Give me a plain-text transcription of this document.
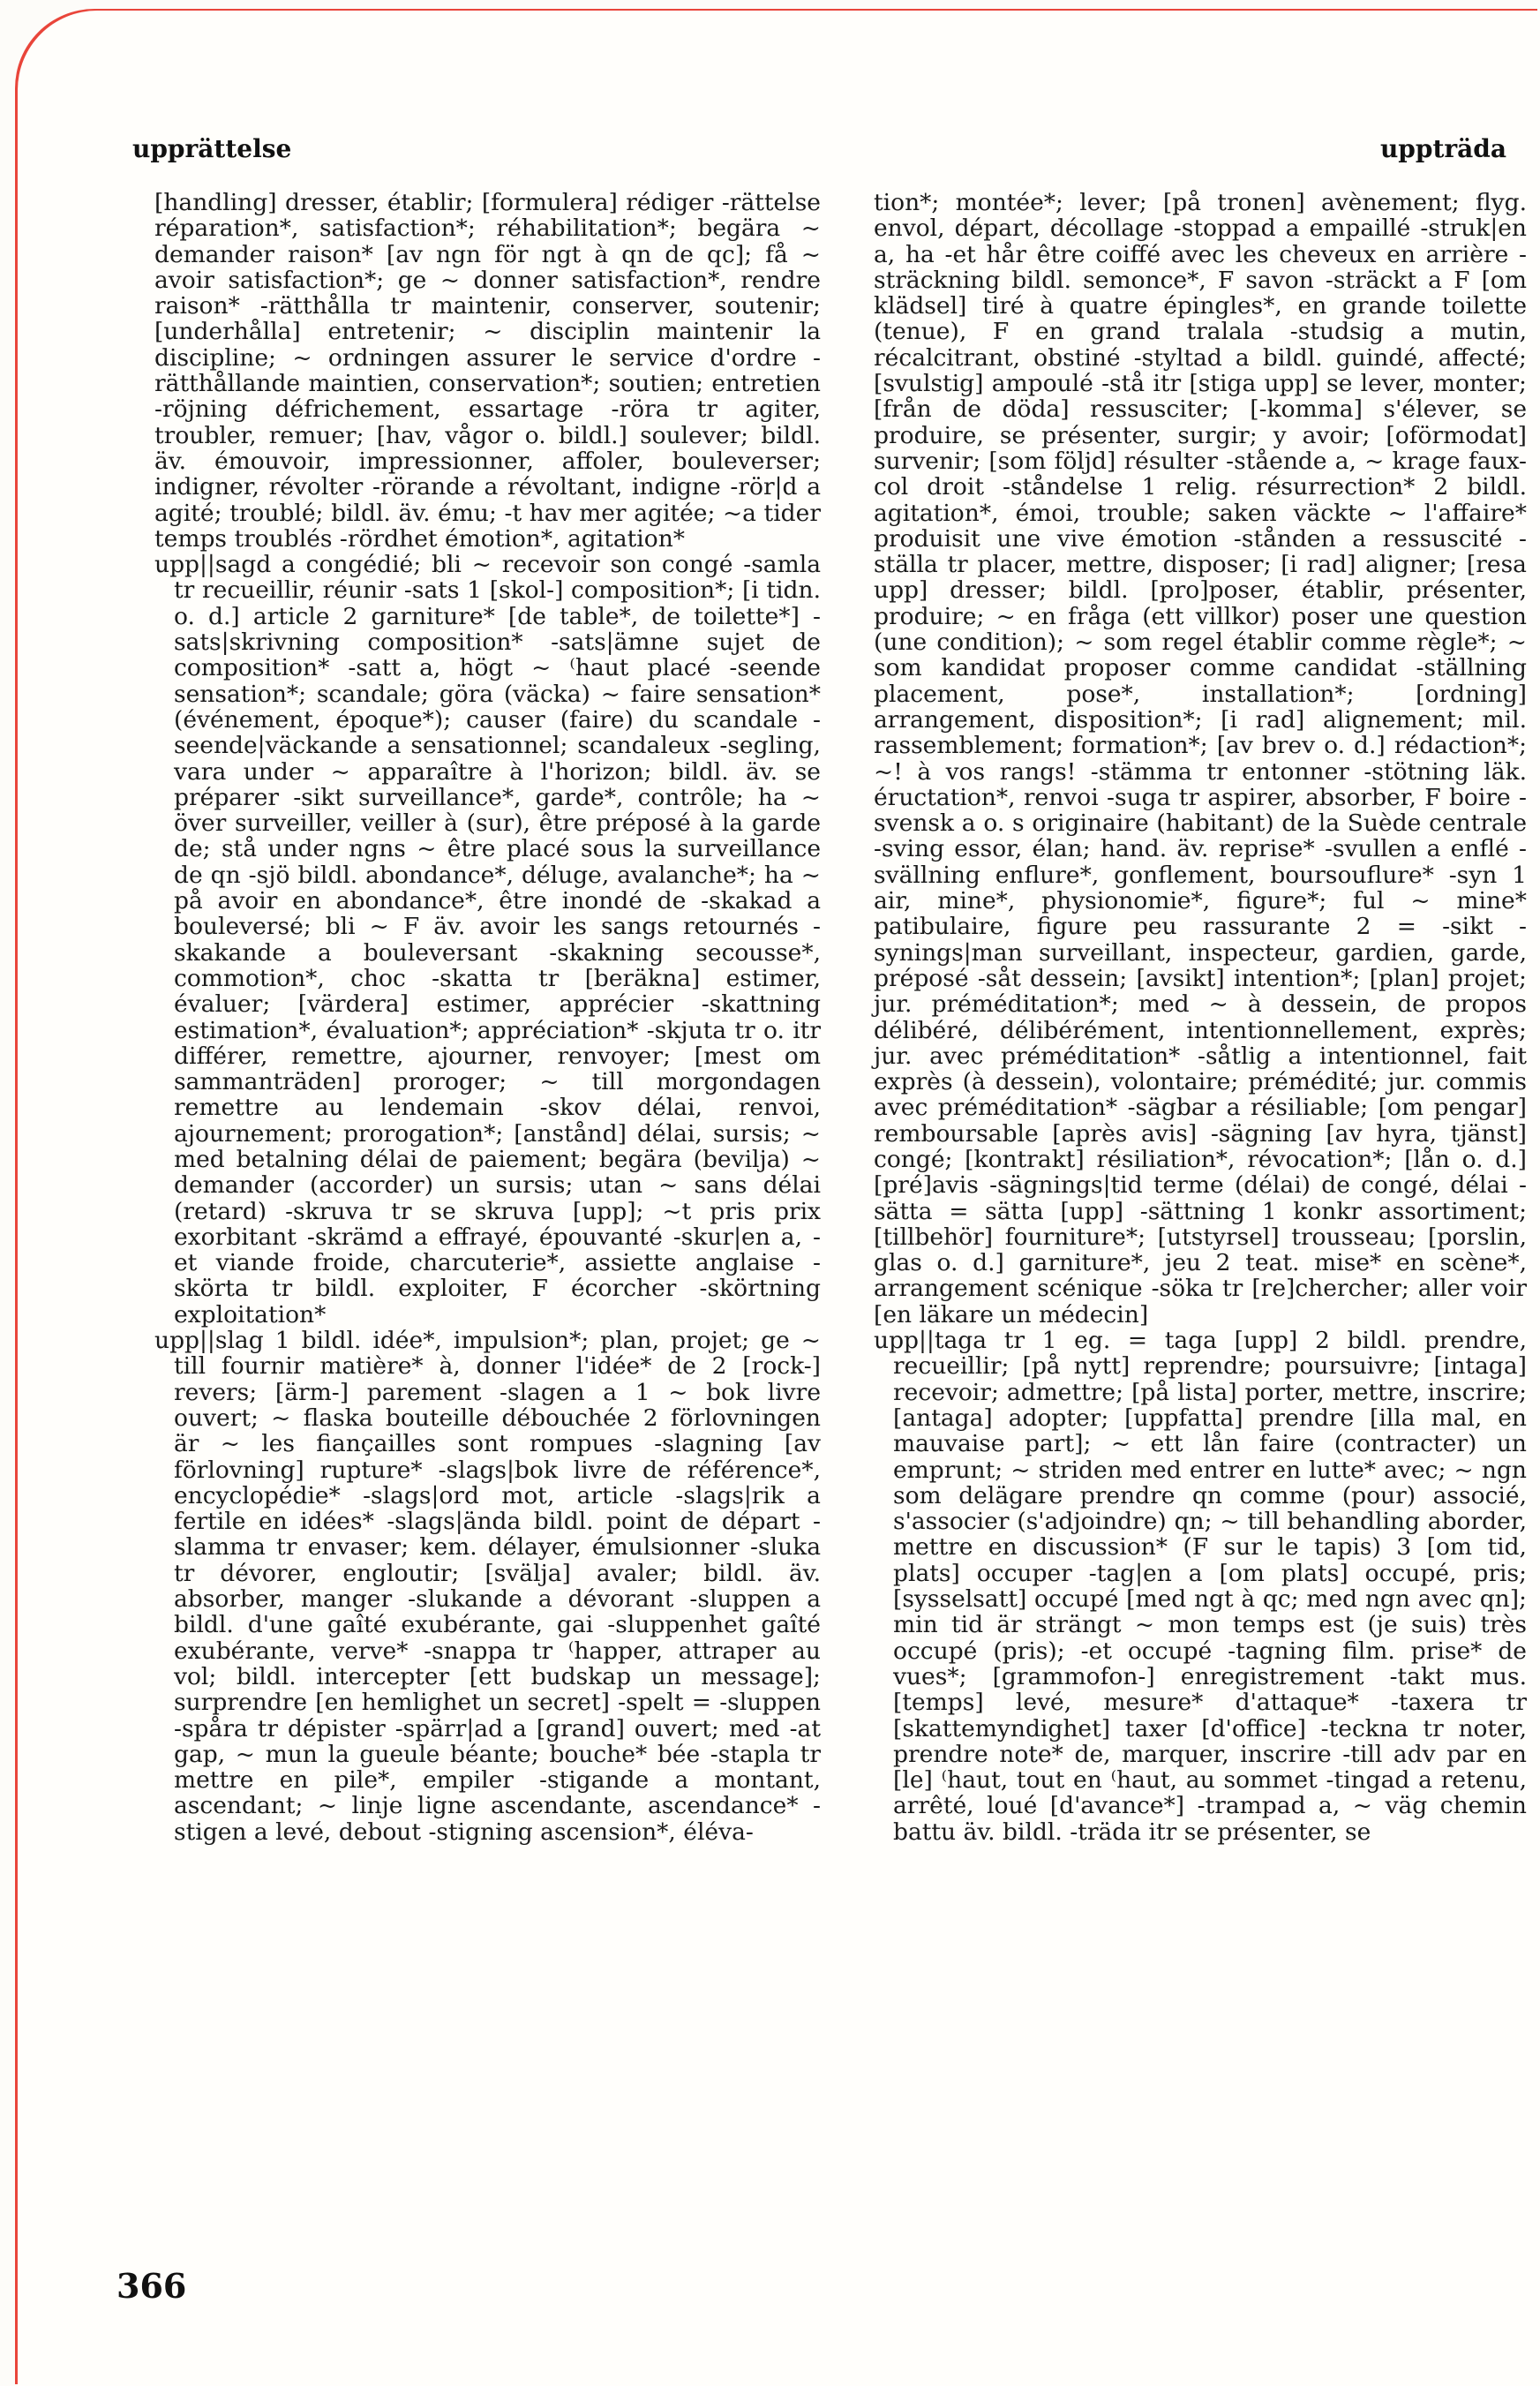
upprättelse	uppträda

[handling] dresser, établir; [formulera] rédiger -rättelse réparation*, satisfaction*; réhabilitation*; begära ~ demander raison* [av ngn för ngt à qn de qc]; få ~ avoir satisfaction*; ge ~ donner satisfaction*, rendre raison* -rätthålla tr maintenir, conserver, soutenir; [underhålla] entretenir; ~ disciplin maintenir la discipline; ~ ordningen assurer le service d'ordre -rätthållande maintien, conservation*; soutien; entretien -röjning défrichement, essartage -röra tr agiter, troubler, remuer; [hav, vågor o. bildl.] soulever; bildl. äv. émouvoir, impressionner, affoler, bouleverser; indigner, révolter -rörande a révoltant, indigne -rör|d a agité; troublé; bildl. äv. ému; -t hav mer agitée; ~a tider temps troublés -rördhet émotion*, agitation*

upp||sagd a congédié; bli ~ recevoir son congé -samla tr recueillir, réunir -sats 1 [skol-] composition*; [i tidn. o. d.] article 2 garniture* [de table*, de toilette*] -sats|skrivning composition* -sats|ämne sujet de composition* -satt a, högt ~ ⁽haut placé -seende sensation*; scandale; göra (väcka) ~ faire sensation* (événement, époque*); causer (faire) du scandale -seende|väckande a sensationnel; scandaleux -segling, vara under ~ apparaître à l'horizon; bildl. äv. se préparer -sikt surveillance*, garde*, contrôle; ha ~ över surveiller, veiller à (sur), être préposé à la garde de; stå under ngns ~ être placé sous la surveillance de qn -sjö bildl. abondance*, déluge, avalanche*; ha ~ på avoir en abondance*, être inondé de -skakad a bouleversé; bli ~ F äv. avoir les sangs retournés -skakande a bouleversant -skakning secousse*, commotion*, choc -skatta tr [beräkna] estimer, évaluer; [värdera] estimer, apprécier -skattning estimation*, évaluation*; appréciation* -skjuta tr o. itr différer, remettre, ajourner, renvoyer; [mest om sammanträden] proroger; ~ till morgondagen remettre au lendemain -skov délai, renvoi, ajournement; prorogation*; [anstånd] délai, sursis; ~ med betalning délai de paiement; begära (bevilja) ~ demander (accorder) un sursis; utan ~ sans délai (retard) -skruva tr se skruva [upp]; ~t pris prix exorbitant -skrämd a effrayé, épouvanté -skur|en a, -et viande froide, charcuterie*, assiette anglaise -skörta tr bildl. exploiter, F écorcher -skörtning exploitation*

upp||slag 1 bildl. idée*, impulsion*; plan, projet; ge ~ till fournir matière* à, donner l'idée* de 2 [rock-] revers; [ärm-] parement -slagen a 1 ~ bok livre ouvert; ~ flaska bouteille débouchée 2 förlovningen är ~ les fiançailles sont rompues -slagning [av förlovning] rupture* -slags|bok livre de référence*, encyclopédie* -slags|ord mot, article -slags|rik a fertile en idées* -slags|ända bildl. point de départ -slamma tr envaser; kem. délayer, émulsionner -sluka tr dévorer, engloutir; [svälja] avaler; bildl. äv. absorber, manger -slukande a dévorant -sluppen a bildl. d'une gaîté exubérante, gai -sluppenhet gaîté exubérante, verve* -snappa tr ⁽happer, attraper au vol; bildl. intercepter [ett budskap un message]; surprendre [en hemlighet un secret] -spelt = -sluppen -spåra tr dépister -spärr|ad a [grand] ouvert; med -at gap, ~ mun la gueule béante; bouche* bée -stapla tr mettre en pile*, empiler -stigande a montant, ascendant; ~ linje ligne ascendante, ascendance* -stigen a levé, debout -stigning ascension*, éléva-

tion*; montée*; lever; [på tronen] avènement; flyg. envol, départ, décollage -stoppad a empaillé -struk|en a, ha -et hår être coiffé avec les cheveux en arrière -sträckning bildl. semonce*, F savon -sträckt a F [om klädsel] tiré à quatre épingles*, en grande toilette (tenue), F en grand tralala -studsig a mutin, récalcitrant, obstiné -styltad a bildl. guindé, affecté; [svulstig] ampoulé -stå itr [stiga upp] se lever, monter; [från de döda] ressusciter; [-komma] s'élever, se produire, se présenter, surgir; y avoir; [oförmodat] survenir; [som följd] résulter -stående a, ~ krage faux-col droit -ståndelse 1 relig. résurrection* 2 bildl. agitation*, émoi, trouble; saken väckte ~ l'affaire* produisit une vive émotion -stånden a ressuscité -ställa tr placer, mettre, disposer; [i rad] aligner; [resa upp] dresser; bildl. [pro]poser, établir, présenter, produire; ~ en fråga (ett villkor) poser une question (une condition); ~ som regel établir comme règle*; ~ som kandidat proposer comme candidat -ställning placement, pose*, installation*; [ordning] arrangement, disposition*; [i rad] alignement; mil. rassemblement; formation*; [av brev o. d.] rédaction*; ~! à vos rangs! -stämma tr entonner -stötning läk. éructation*, renvoi -suga tr aspirer, absorber, F boire -svensk a o. s originaire (habitant) de la Suède centrale -sving essor, élan; hand. äv. reprise* -svullen a enflé -svällning enflure*, gonflement, boursouflure* -syn 1 air, mine*, physionomie*, figure*; ful ~ mine* patibulaire, figure peu rassurante 2 = -sikt -synings|man surveillant, inspecteur, gardien, garde, préposé -såt dessein; [avsikt] intention*; [plan] projet; jur. préméditation*; med ~ à dessein, de propos délibéré, délibérément, intentionnellement, exprès; jur. avec préméditation* -såtlig a intentionnel, fait exprès (à dessein), volontaire; prémédité; jur. commis avec préméditation* -sägbar a résiliable; [om pengar] remboursable [après avis] -sägning [av hyra, tjänst] congé; [kontrakt] résiliation*, révocation*; [lån o. d.] [pré]avis -sägnings|tid terme (délai) de congé, délai -sätta = sätta [upp] -sättning 1 konkr assortiment; [tillbehör] fourniture*; [utstyrsel] trousseau; [porslin, glas o. d.] garniture*, jeu 2 teat. mise* en scène*, arrangement scénique -söka tr [re]chercher; aller voir [en läkare un médecin]

upp||taga tr 1 eg. = taga [upp] 2 bildl. prendre, recueillir; [på nytt] reprendre; poursuivre; [intaga] recevoir; admettre; [på lista] porter, mettre, inscrire; [antaga] adopter; [uppfatta] prendre [illa mal, en mauvaise part]; ~ ett lån faire (contracter) un emprunt; ~ striden med entrer en lutte* avec; ~ ngn som delägare prendre qn comme (pour) associé, s'associer (s'adjoindre) qn; ~ till behandling aborder, mettre en discussion* (F sur le tapis) 3 [om tid, plats] occuper -tag|en a [om plats] occupé, pris; [sysselsatt] occupé [med ngt à qc; med ngn avec qn]; min tid är strängt ~ mon temps est (je suis) très occupé (pris); -et occupé -tagning film. prise* de vues*; [grammofon-] enregistrement -takt mus. [temps] levé, mesure* d'attaque* -taxera tr [skattemyndighet] taxer [d'office] -teckna tr noter, prendre note* de, marquer, inscrire -till adv par en [le] ⁽haut, tout en ⁽haut, au sommet -tingad a retenu, arrêté, loué [d'avance*] -trampad a, ~ väg chemin battu äv. bildl. -träda itr se présenter, se

366
